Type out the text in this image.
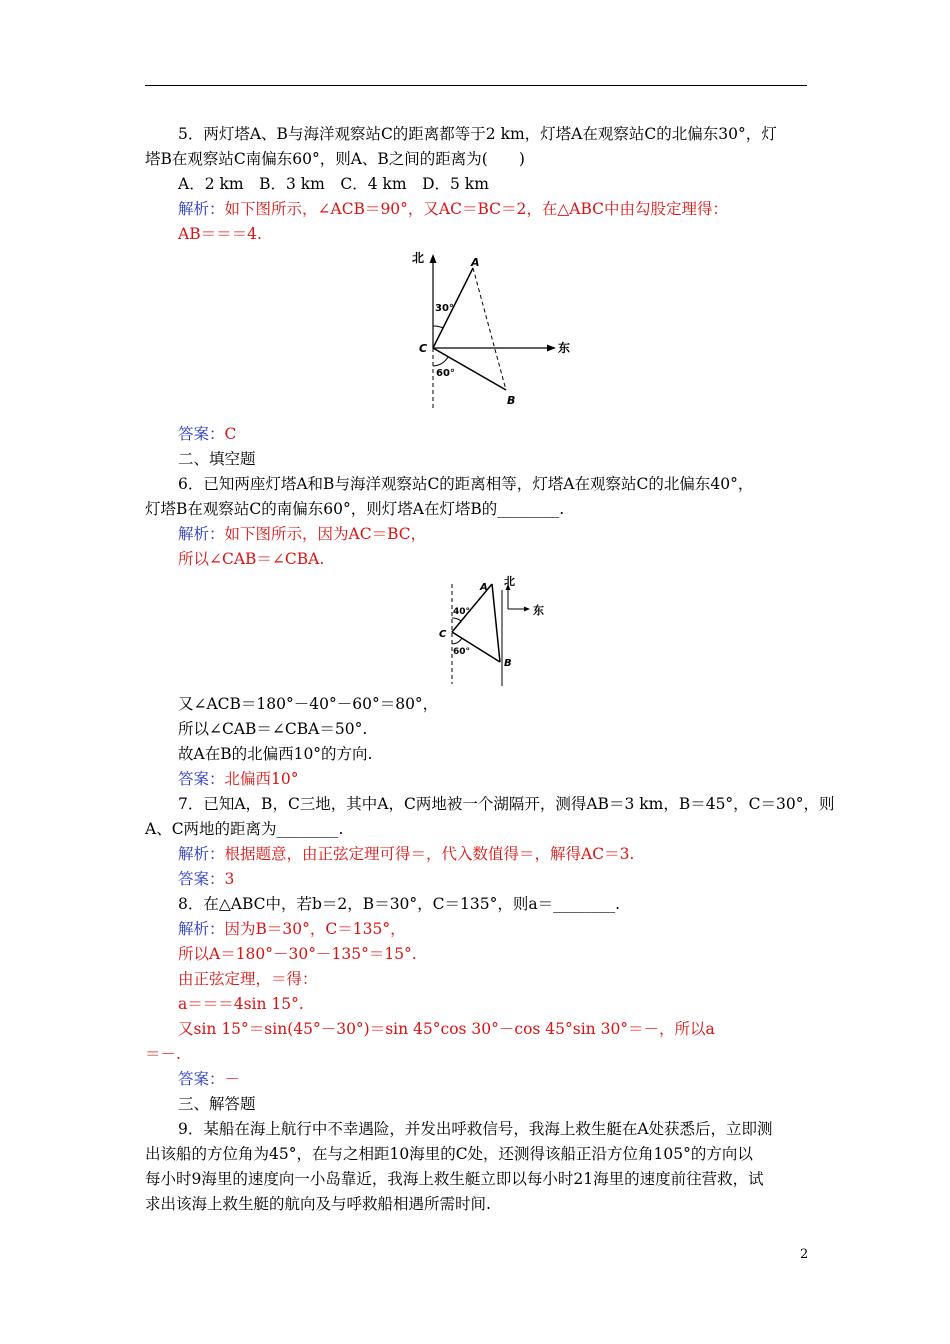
5．两灯塔A、B与海洋观察站C的距离都等于2 km，灯塔A在观察站C的北偏东30°，灯
塔B在观察站C南偏东60°，则A、B之间的距离为(　　)
A．2 km　B．3 km　C．4 km　D．5 km
解析：如下图所示，∠ACB＝90°，又AC＝BC＝2，在△ABC中由勾股定理得：
AB＝＝＝4.
北
东
A
B
C
30°
60°
答案：C
二、填空题
6．已知两座灯塔A和B与海洋观察站C的距离相等，灯塔A在观察站C的北偏东40°，
灯塔B在观察站C的南偏东60°，则灯塔A在灯塔B的________.
解析：如下图所示，因为AC＝BC，
所以∠CAB＝∠CBA.
北
东
A
B
C
40°
60°
又∠ACB＝180°－40°－60°＝80°，
所以∠CAB＝∠CBA＝50°.
故A在B的北偏西10°的方向.
答案：北偏西10°
7．已知A，B，C三地，其中A，C两地被一个湖隔开，测得AB＝3 km，B＝45°，C＝30°，则
A、C两地的距离为________.
解析：根据题意，由正弦定理可得＝，代入数值得＝，解得AC＝3.
答案：3
8．在△ABC中，若b＝2，B＝30°，C＝135°，则a＝________.
解析：因为B＝30°，C＝135°，
所以A＝180°－30°－135°＝15°.
由正弦定理，＝得：
a＝＝＝4sin 15°.
又sin 15°＝sin(45°－30°)＝sin 45°cos 30°－cos 45°sin 30°＝－，所以a
＝－.
答案：－
三、解答题
9．某船在海上航行中不幸遇险，并发出呼救信号，我海上救生艇在A处获悉后，立即测
出该船的方位角为45°，在与之相距10海里的C处，还测得该船正沿方位角105°的方向以
每小时9海里的速度向一小岛靠近，我海上救生艇立即以每小时21海里的速度前往营救，试
求出该海上救生艇的航向及与呼救船相遇所需时间.
2
